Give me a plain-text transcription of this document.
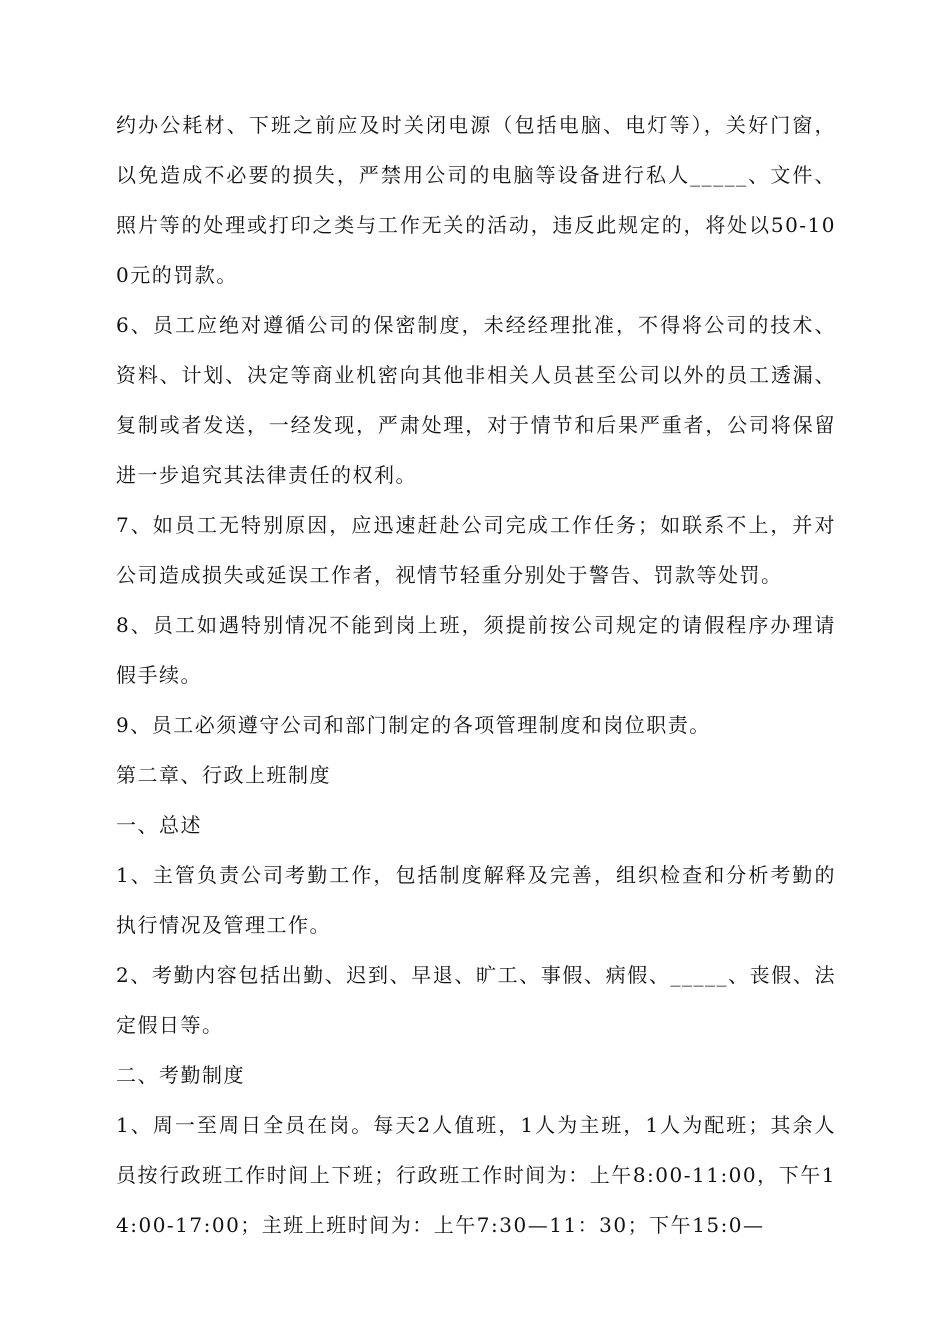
约办公耗材、下班之前应及时关闭电源（包括电脑、电灯等），关好门窗，以免造成不必要的损失，严禁用公司的电脑等设备进行私人_____、文件、照片等的处理或打印之类与工作无关的活动，违反此规定的，将处以50-100元的罚款。

6、员工应绝对遵循公司的保密制度，未经经理批准，不得将公司的技术、资料、计划、决定等商业机密向其他非相关人员甚至公司以外的员工透漏、复制或者发送，一经发现，严肃处理，对于情节和后果严重者，公司将保留进一步追究其法律责任的权利。

7、如员工无特别原因，应迅速赶赴公司完成工作任务；如联系不上，并对公司造成损失或延误工作者，视情节轻重分别处于警告、罚款等处罚。

8、员工如遇特别情况不能到岗上班，须提前按公司规定的请假程序办理请假手续。

9、员工必须遵守公司和部门制定的各项管理制度和岗位职责。

第二章、行政上班制度

一、总述

1、主管负责公司考勤工作，包括制度解释及完善，组织检查和分析考勤的执行情况及管理工作。

2、考勤内容包括出勤、迟到、早退、旷工、事假、病假、_____、丧假、法定假日等。

二、考勤制度

1、周一至周日全员在岗。每天2人值班，1人为主班，1人为配班；其余人员按行政班工作时间上下班；行政班工作时间为：上午8:00-11:00，下午14:00-17:00；主班上班时间为：上午7:30—11：30；下午15:0—
